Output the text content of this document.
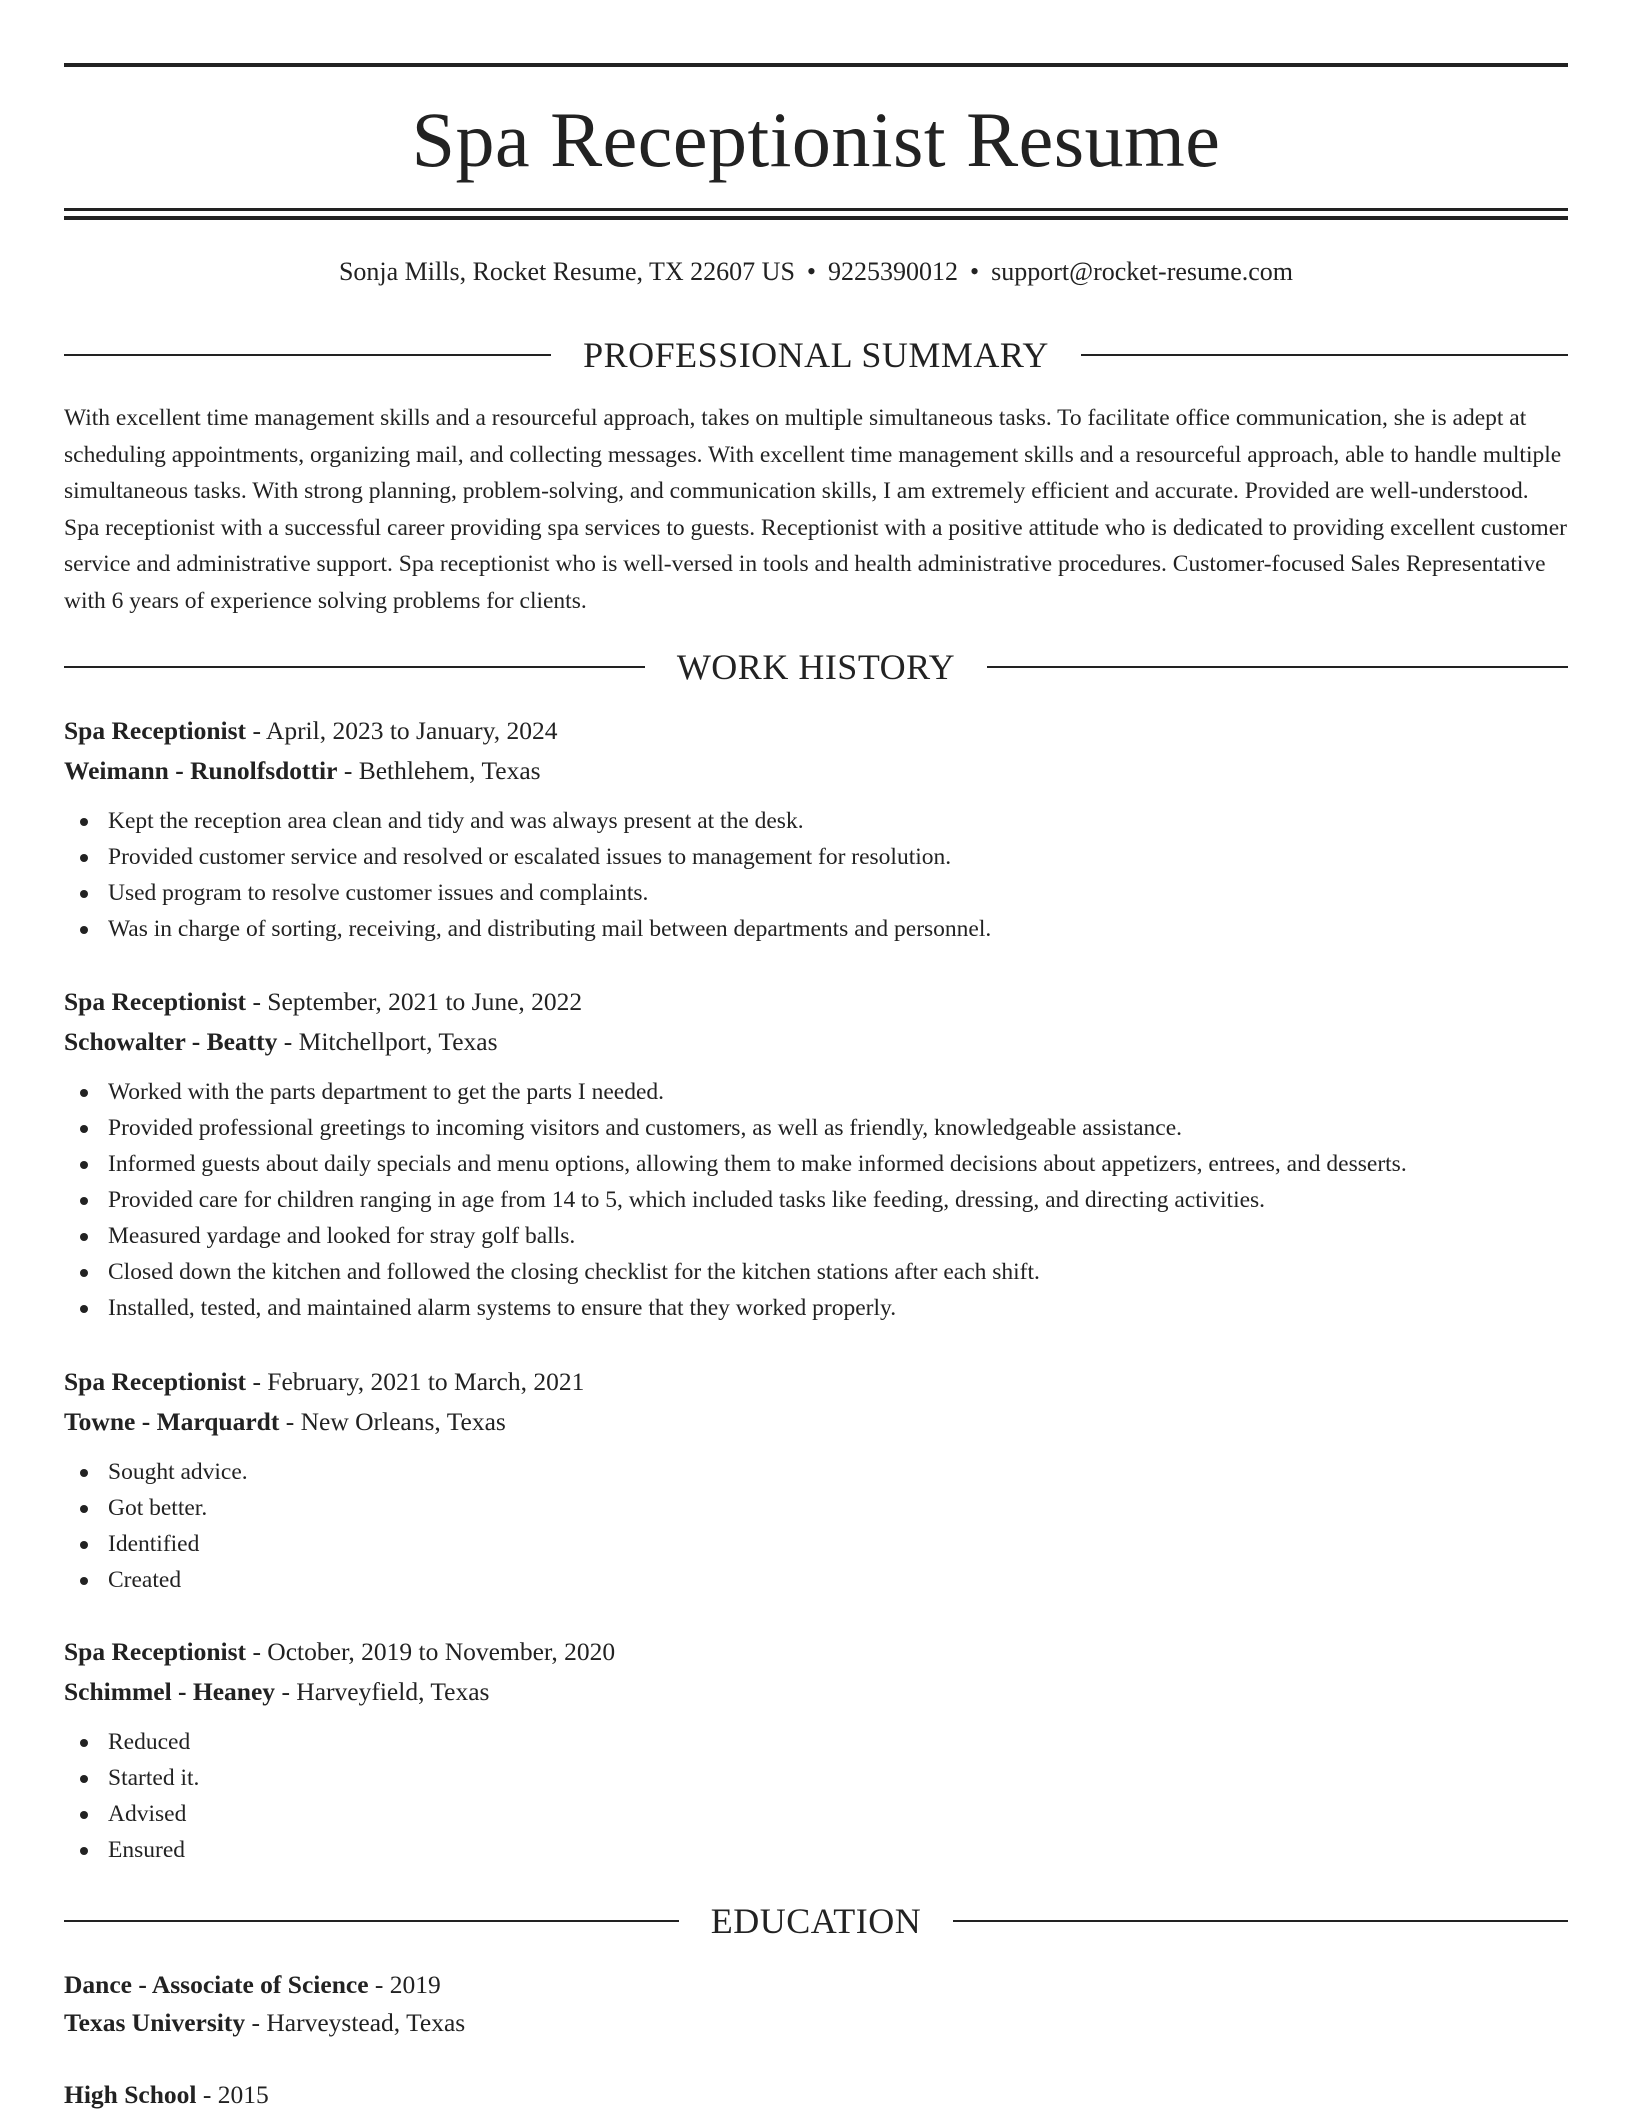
Spa Receptionist Resume
Sonja Mills, Rocket Resume, TX 22607 US • 9225390012 • support@rocket-resume.com
PROFESSIONAL SUMMARY

With excellent time management skills and a resourceful approach, takes on multiple simultaneous tasks. To facilitate office communication, she is adept at scheduling appointments, organizing mail, and collecting messages. With excellent time management skills and a resourceful approach, able to handle multiple simultaneous tasks. With strong planning, problem-solving, and communication skills, I am extremely efficient and accurate. Provided are well-understood. Spa receptionist with a successful career providing spa services to guests. Receptionist with a positive attitude who is dedicated to providing excellent customer service and administrative support. Spa receptionist who is well-versed in tools and health administrative procedures. Customer-focused Sales Representative with 6 years of experience solving problems for clients.

WORK HISTORY
Spa Receptionist - April, 2023 to January, 2024
Weimann - Runolfsdottir - Bethlehem, Texas
Kept the reception area clean and tidy and was always present at the desk.
Provided customer service and resolved or escalated issues to management for resolution.
Used program to resolve customer issues and complaints.
Was in charge of sorting, receiving, and distributing mail between departments and personnel.
Spa Receptionist - September, 2021 to June, 2022
Schowalter - Beatty - Mitchellport, Texas
Worked with the parts department to get the parts I needed.
Provided professional greetings to incoming visitors and customers, as well as friendly, knowledgeable assistance.
Informed guests about daily specials and menu options, allowing them to make informed decisions about appetizers, entrees, and desserts.
Provided care for children ranging in age from 14 to 5, which included tasks like feeding, dressing, and directing activities.
Measured yardage and looked for stray golf balls.
Closed down the kitchen and followed the closing checklist for the kitchen stations after each shift.
Installed, tested, and maintained alarm systems to ensure that they worked properly.
Spa Receptionist - February, 2021 to March, 2021
Towne - Marquardt - New Orleans, Texas
Sought advice.
Got better.
Identified
Created
Spa Receptionist - October, 2019 to November, 2020
Schimmel - Heaney - Harveyfield, Texas
Reduced
Started it.
Advised
Ensured
EDUCATION
Dance - Associate of Science - 2019
Texas University - Harveystead, Texas
High School - 2015
